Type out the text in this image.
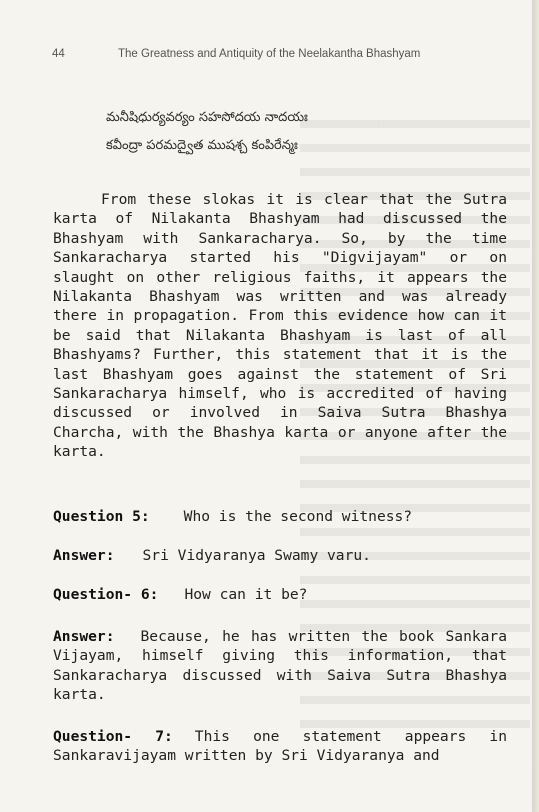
44	The Greatness and Antiquity of the Neelakantha Bhashyam
మనీషిధుర్యవర్యం సహసోదయ నాదయః
కవీంద్రా పరమద్వైత ముషశ్చ కంపిరేన్మః
From these slokas it is clear that the Sutra karta of Nilakanta Bhashyam had discussed the Bhashyam with Sankaracharya. So, by the time Sankaracharya started his "Digvijayam" or on slaught on other religious faiths, it appears the Nilakanta Bhashyam was written and was already there in propagation. From this evidence how can it be said that Nilakanta Bhashyam is last of all Bhashyams? Further, this statement that it is the last Bhashyam goes against the statement of Sri Sankaracharya himself, who is accredited of having discussed or involved in Saiva Sutra Bhashya Charcha, with the Bhashya karta or anyone after the karta.
Question 5: Who is the second witness?
Answer: Sri Vidyaranya Swamy varu.
Question- 6: How can it be?
Answer: Because, he has written the book Sankara Vijayam, himself giving this information, that Sankaracharya discussed with Saiva Sutra Bhashya karta.
Question- 7: This one statement appears in Sankaravijayam written by Sri Vidyaranya and
